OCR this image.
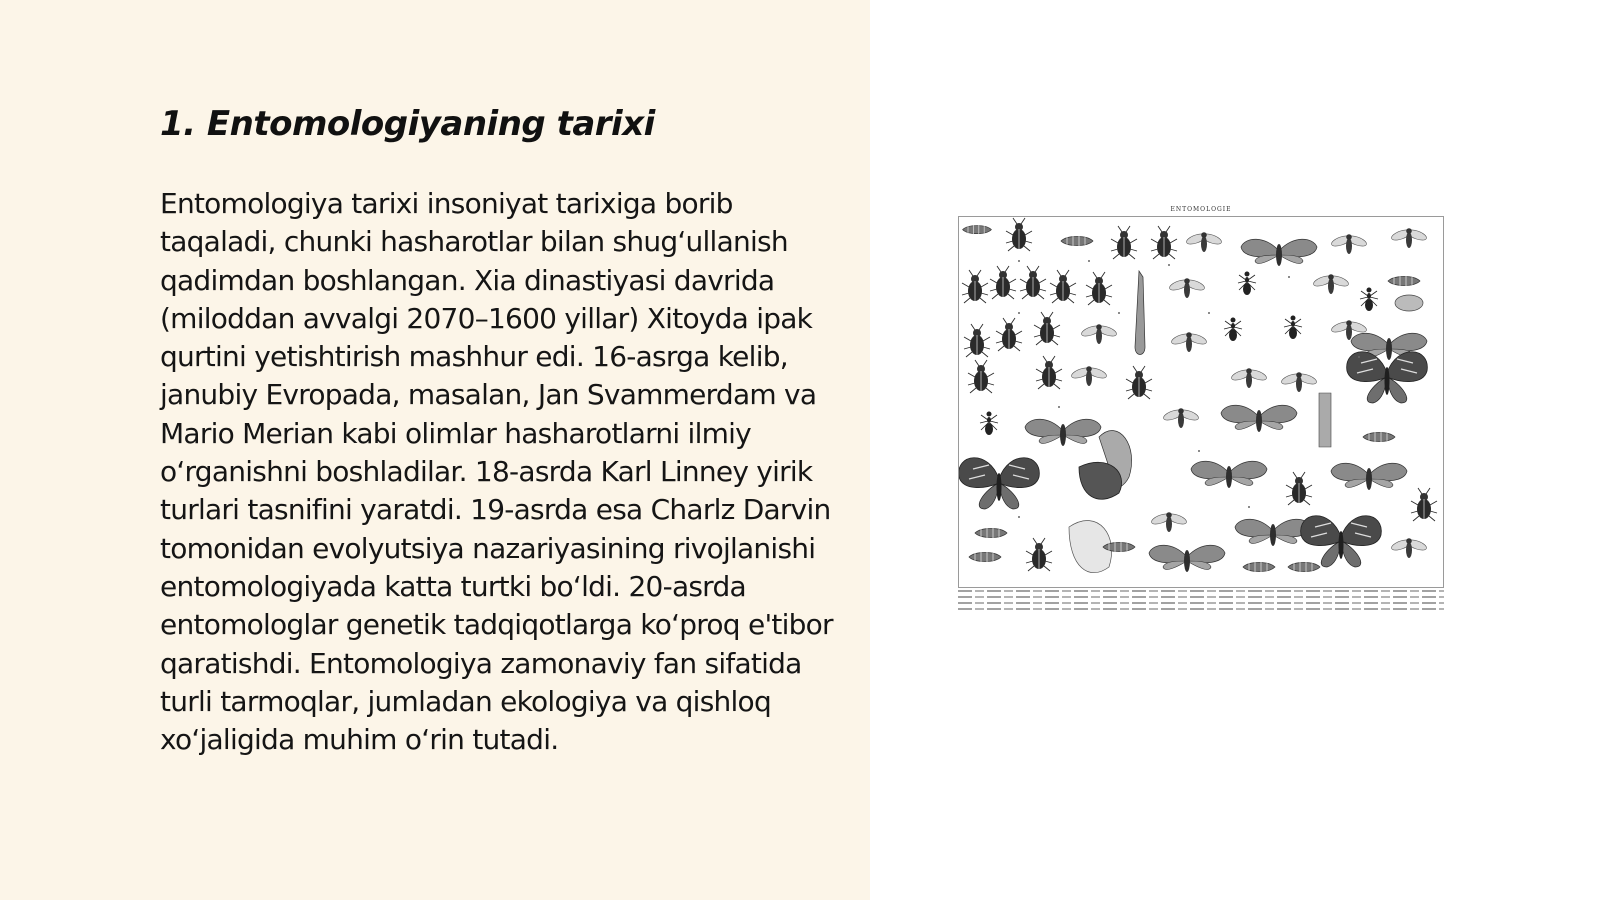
1. Entomologiyaning tarixi

Entomologiya tarixi insoniyat tarixiga borib taqaladi, chunki hasharotlar bilan shug‘ullanish qadimdan boshlangan. Xia dinastiyasi davrida (miloddan avvalgi 2070–1600 yillar) Xitoyda ipak qurtini yetishtirish mashhur edi. 16-asrga kelib, janubiy Evropada, masalan, Jan Svammerdam va Mario Merian kabi olimlar hasharotlarni ilmiy o‘rganishni boshladilar. 18-asrda Karl Linney yirik turlari tasnifini yaratdi. 19-asrda esa Charlz Darvin tomonidan evolyutsiya nazariyasining rivojlanishi entomologiyada katta turtki bo‘ldi. 20-asrda entomologlar genetik tadqiqotlarga ko‘proq e'tibor qaratishdi. Entomologiya zamonaviy fan sifatida turli tarmoqlar, jumladan ekologiya va qishloq xo‘jaligida muhim o‘rin tutadi.

ENTOMOLOGIE
